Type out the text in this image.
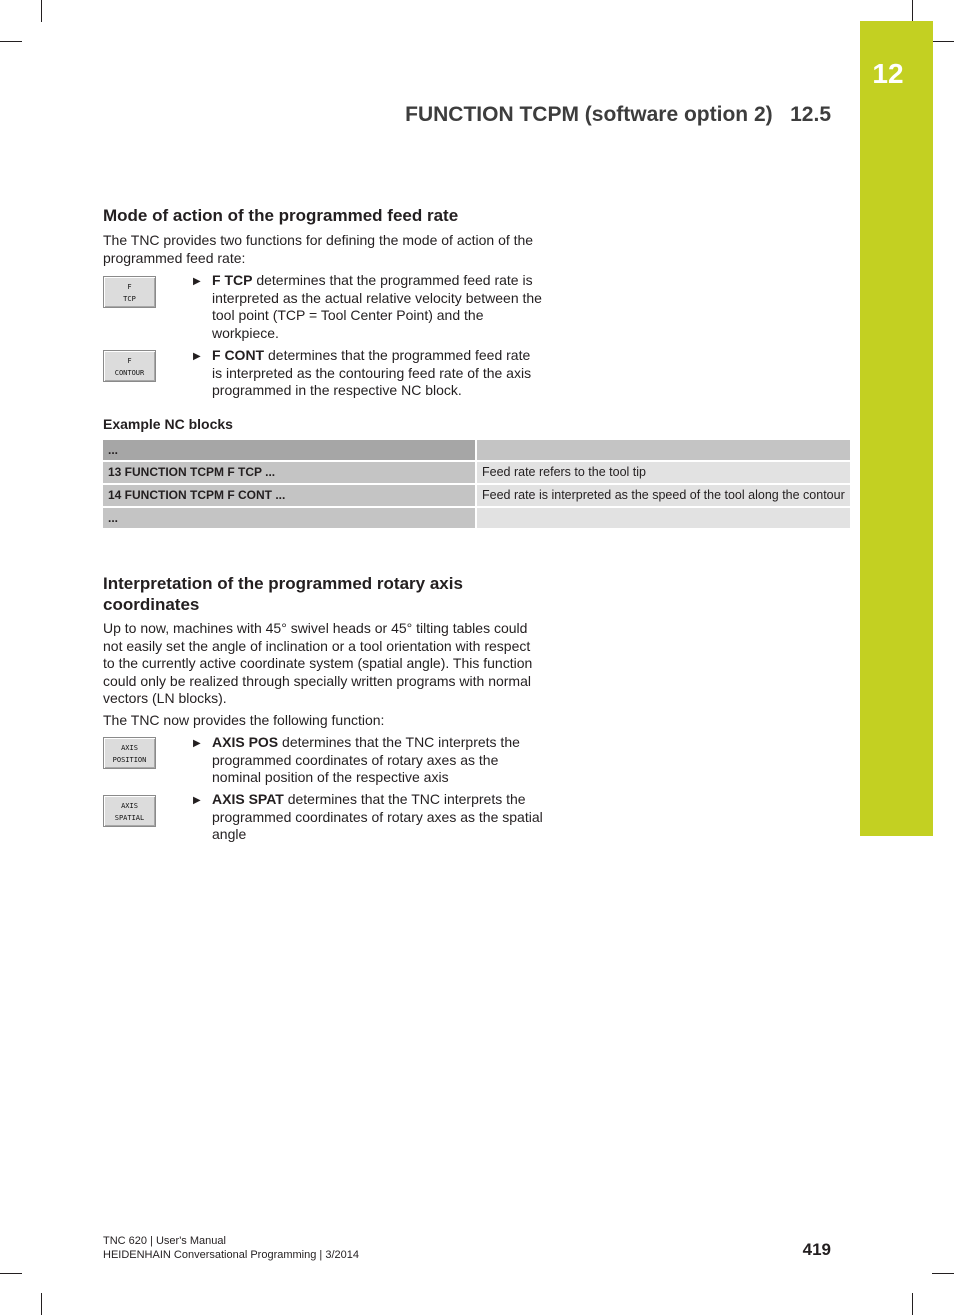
12
FUNCTION TCPM (software option 2)   12.5
Mode of action of the programmed feed rate

The TNC provides two functions for defining the mode of action of the programmed feed rate:

F
TCP
▶ F TCP determines that the programmed feed rate is interpreted as the actual relative velocity between the tool point (TCP = Tool Center Point) and the workpiece.
F
CONTOUR
▶ F CONT determines that the programmed feed rate is interpreted as the contouring feed rate of the axis programmed in the respective NC block.
Example NC blocks
...
13 FUNCTION TCPM F TCP ...	Feed rate refers to the tool tip
14 FUNCTION TCPM F CONT ...	Feed rate is interpreted as the speed of the tool along the contour
...
Interpretation of the programmed rotary axis coordinates

Up to now, machines with 45° swivel heads or 45° tilting tables could not easily set the angle of inclination or a tool orientation with respect to the currently active coordinate system (spatial angle). This function could only be realized through specially written programs with normal vectors (LN blocks).

The TNC now provides the following function:

AXIS
POSITION
▶ AXIS POS determines that the TNC interprets the programmed coordinates of rotary axes as the nominal position of the respective axis
AXIS
SPATIAL
▶ AXIS SPAT determines that the TNC interprets the programmed coordinates of rotary axes as the spatial angle
TNC 620 | User's Manual
HEIDENHAIN Conversational Programming | 3/2014	419
